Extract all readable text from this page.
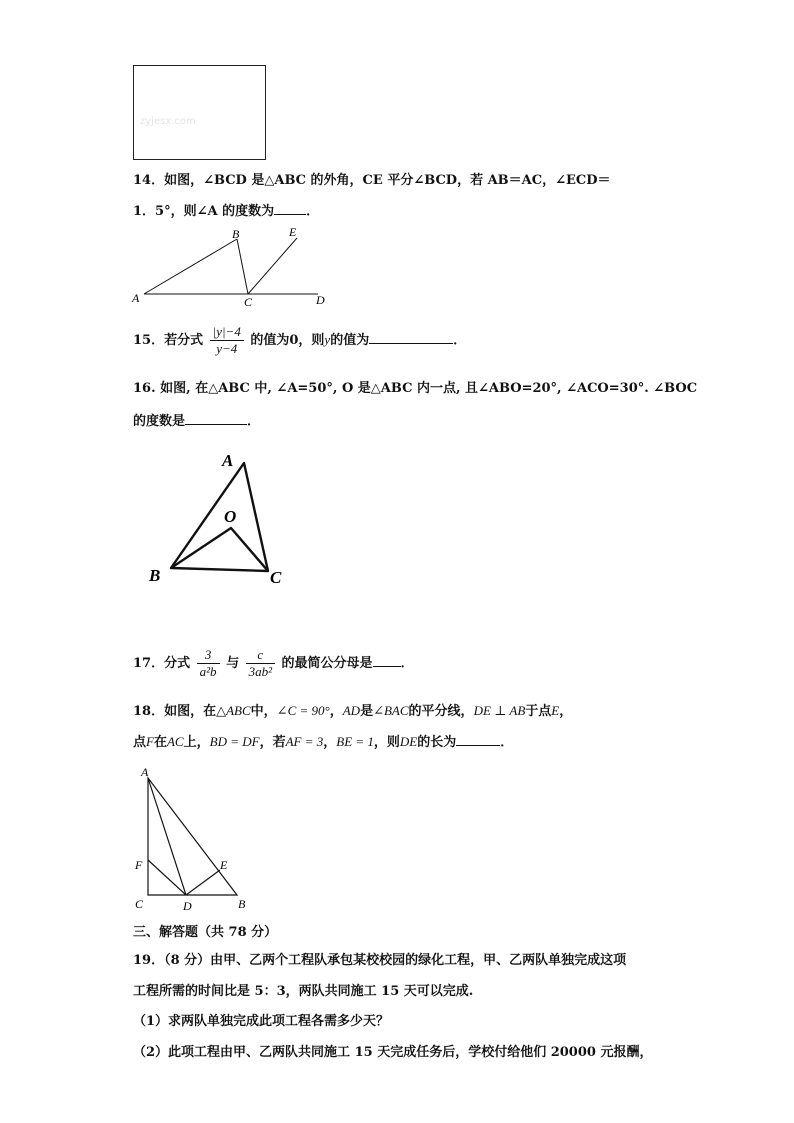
zyjesx.com
14．如图，∠BCD 是△ABC 的外角，CE 平分∠BCD，若 AB＝AC，∠ECD＝
1．5°，则∠A 的度数为 ．
A
B
C	D
E
15．若分式 $\frac{|y|-4}{y-4}$ 的值为0，则y的值为	．
16. 如图, 在△ABC 中, ∠A=50°, O 是△ABC 内一点, 且∠ABO=20°, ∠ACO=30°. ∠BOC
的度数是	．
A
O
B	C
17．分式 $\frac{3}{\text{a²b}}$ 与 $\frac{c}{\text{3ab²}}$ 的最简公分母是 ．
18．如图，在△ABC中，∠C = 90°，AD是∠BAC的平分线，DE ⊥ AB于点E，
点F在AC上，BD = DF，若AF = 3，BE = 1，则DE的长为	．
A
F	E
C	D	B
三、解答题（共 78 分）
19．（8 分）由甲、乙两个工程队承包某校校园的绿化工程，甲、乙两队单独完成这项
工程所需的时间比是 5：3，两队共同施工 15 天可以完成.
（1）求两队单独完成此项工程各需多少天？
（2）此项工程由甲、乙两队共同施工 15 天完成任务后，学校付给他们 20000 元报酬，
